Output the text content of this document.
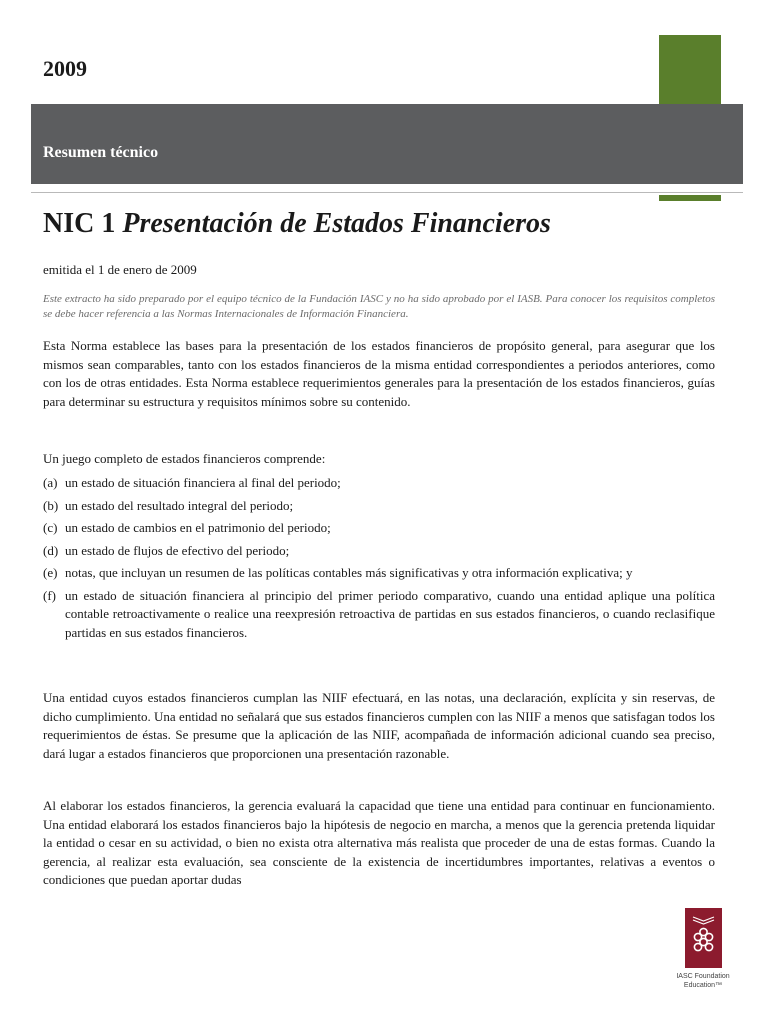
2009
Resumen técnico
NIC 1 Presentación de Estados Financieros
emitida el 1 de enero de 2009
Este extracto ha sido preparado por el equipo técnico de la Fundación IASC y no ha sido aprobado por el IASB. Para conocer los requisitos completos se debe hacer referencia a las Normas Internacionales de Información Financiera.
Esta Norma establece las bases para la presentación de los estados financieros de propósito general, para asegurar que los mismos sean comparables, tanto con los estados financieros de la misma entidad correspondientes a periodos anteriores, como con los de otras entidades. Esta Norma establece requerimientos generales para la presentación de los estados financieros, guías para determinar su estructura y requisitos mínimos sobre su contenido.
Un juego completo de estados financieros comprende:
(a) un estado de situación financiera al final del periodo;
(b) un estado del resultado integral del periodo;
(c) un estado de cambios en el patrimonio del periodo;
(d) un estado de flujos de efectivo del periodo;
(e) notas, que incluyan un resumen de las políticas contables más significativas y otra información explicativa; y
(f) un estado de situación financiera al principio del primer periodo comparativo, cuando una entidad aplique una política contable retroactivamente o realice una reexpresión retroactiva de partidas en sus estados financieros, o cuando reclasifique partidas en sus estados financieros.
Una entidad cuyos estados financieros cumplan las NIIF efectuará, en las notas, una declaración, explícita y sin reservas, de dicho cumplimiento. Una entidad no señalará que sus estados financieros cumplen con las NIIF a menos que satisfagan todos los requerimientos de éstas. Se presume que la aplicación de las NIIF, acompañada de información adicional cuando sea preciso, dará lugar a estados financieros que proporcionen una presentación razonable.
Al elaborar los estados financieros, la gerencia evaluará la capacidad que tiene una entidad para continuar en funcionamiento. Una entidad elaborará los estados financieros bajo la hipótesis de negocio en marcha, a menos que la gerencia pretenda liquidar la entidad o cesar en su actividad, o bien no exista otra alternativa más realista que proceder de una de estas formas. Cuando la gerencia, al realizar esta evaluación, sea consciente de la existencia de incertidumbres importantes, relativas a eventos o condiciones que puedan aportar dudas
IASC Foundation
Education™
